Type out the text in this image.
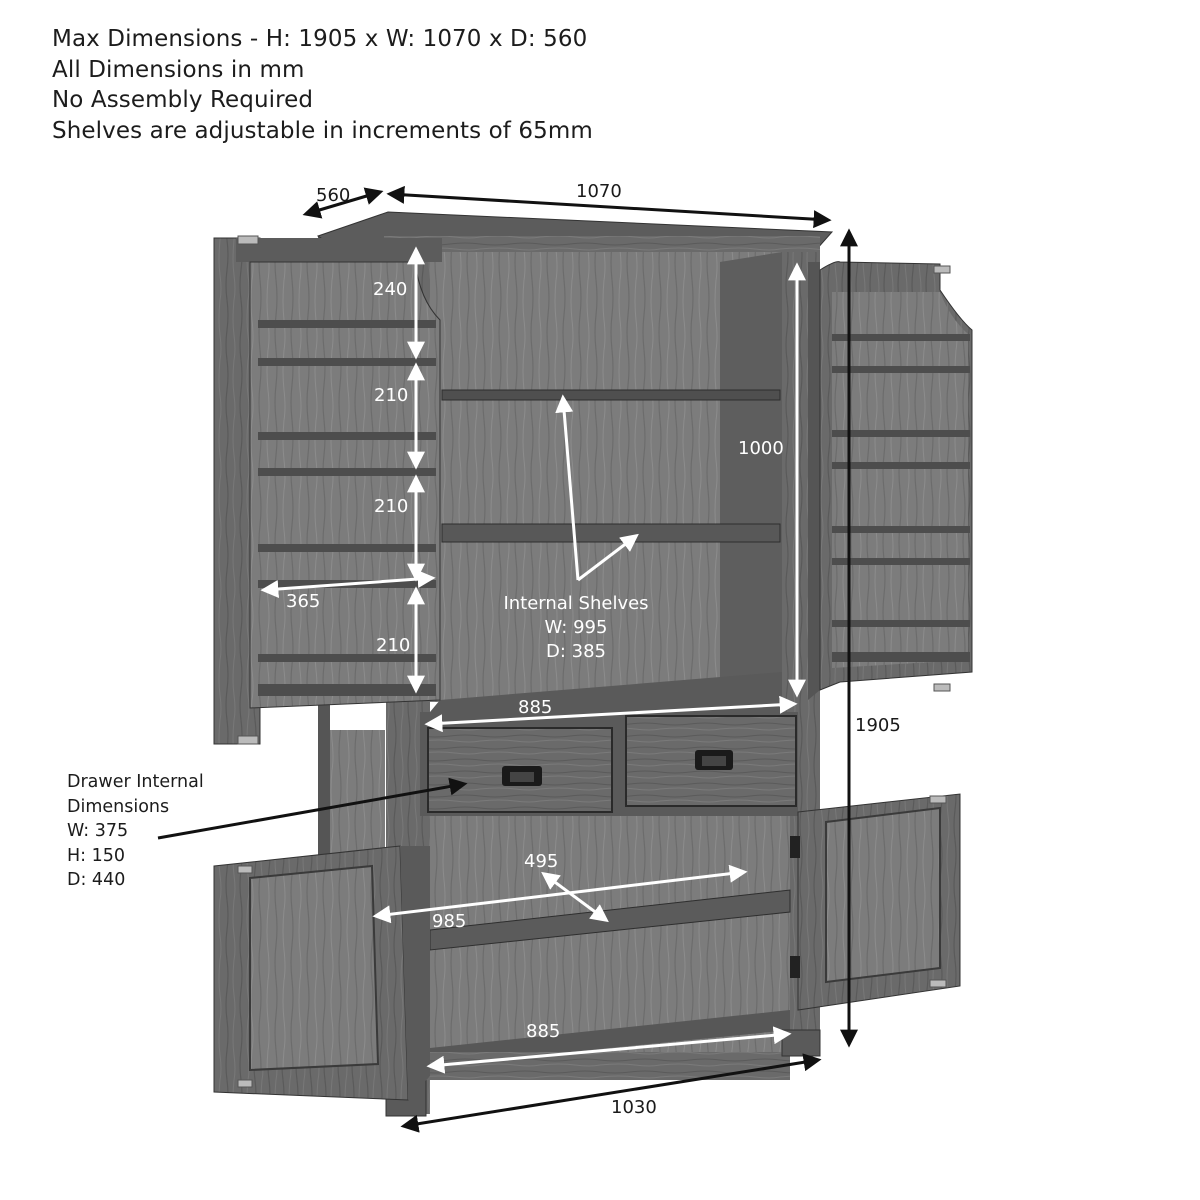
Max Dimensions - H: 1905 x W: 1070 x D: 560
All Dimensions in mm
No Assembly Required
Shelves are adjustable in increments of 65mm
560	1070
1905
1000
240
210
210
365
210
885
495
985
885
1030
Internal Shelves
W: 995
D: 385
Drawer Internal
Dimensions
W: 375
H: 150
D: 440
